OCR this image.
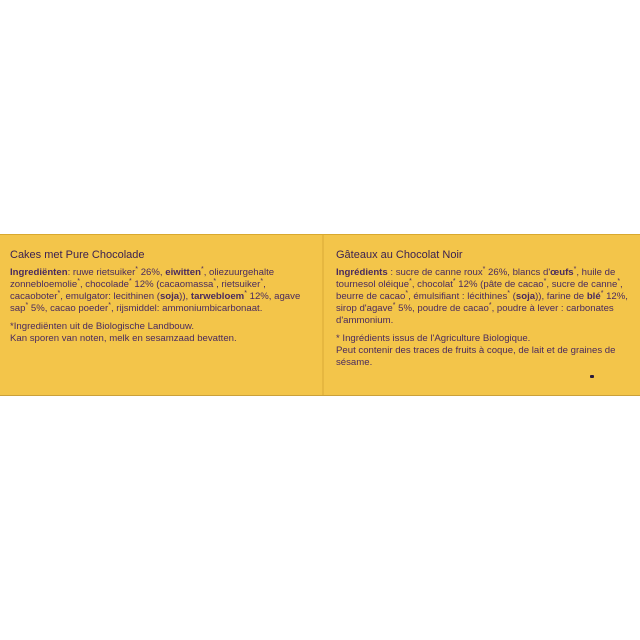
Cakes met Pure Chocolade
Ingrediënten: ruwe rietsuiker* 26%, eiwitten*, oliezuurgehalte zonnebloemolie*, chocolade* 12% (cacaomassa*, rietsuiker*, cacaoboter*, emulgator: lecithinen (soja)), tarwebloem* 12%, agave sap* 5%, cacao poeder*, rijsmiddel: ammoniumbicarbonaat.
*Ingrediënten uit de Biologische Landbouw.
Kan sporen van noten, melk en sesamzaad bevatten.
Gâteaux au Chocolat Noir
Ingrédients : sucre de canne roux* 26%, blancs d'œufs*, huile de tournesol oléique*, chocolat* 12% (pâte de cacao*, sucre de canne*, beurre de cacao*, émulsifiant : lécithines* (soja)), farine de blé* 12%, sirop d'agave* 5%, poudre de cacao*, poudre à lever : carbonates d'ammonium.
* Ingrédients issus de l'Agriculture Biologique.
Peut contenir des traces de fruits à coque, de lait et de graines de sésame.
